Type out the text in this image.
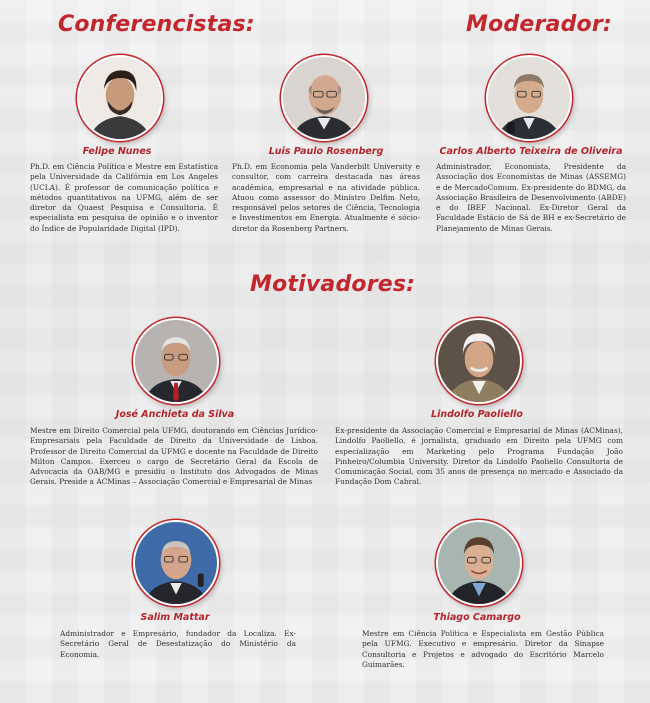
Conferencistas:	Moderador:
Motivadores:

Felipe Nunes

Ph.D. em Ciência Política e Mestre em Estatística pela Universidade da Califórnia em Los Angeles (UCLA). É professor de comunicação política e métodos quantitativos na UFMG, além de ser diretor da Quaest Pesquisa e Consultoria. É especialista em pesquisa de opinião e o inventor do Índice de Popularidade Digital (IPD).

Luis Paulo Rosenberg

Ph.D. em Economia pela Vanderbilt University e consultor, com carreira destacada nas áreas acadêmica, empresarial e na atividade pública. Atuou como assessor do Ministro Delfim Neto, responsável pelos setores de Ciência, Tecnologia e Investimentos em Energia. Atualmente é sócio-diretor da Rosenberg Partners.

Carlos Alberto Teixeira de Oliveira

Administrador, Economista, Presidente da Associação dos Economistas de Minas (ASSEMG) e de MercadoComum. Ex-presidente do BDMG, da Associação Brasileira de Desenvolvimento (ABDE) e do IBEF Nacional. Ex-Diretor Geral da Faculdade Estácio de Sá de BH e ex-Secretário de Planejamento de Minas Gerais.

José Anchieta da Silva

Mestre em Direito Comercial pela UFMG, doutorando em Ciências Jurídico-Empresariais pela Faculdade de Direito da Universidade de Lisboa. Professor de Direito Comercial da UFMG e docente na Faculdade de Direito Milton Campos. Exerceu o cargo de Secretário Geral da Escola de Advocacia da OAB/MG e presidiu o Instituto dos Advogados de Minas Gerais. Preside a ACMinas – Associação Comercial e Empresarial de Minas

Lindolfo Paoliello

Ex-presidente da Associação Comercial e Empresarial de Minas (ACMinas), Lindolfo Paoliello, é jornalista, graduado em Direito pela UFMG com especialização em Marketing pelo Programa Fundação João Pinheiro/Columbia University. Diretor da Lindolfo Paoliello Consultoria de Comunicação Social, com 35 anos de presença no mercado e Associado da Fundação Dom Cabral.

Salim Mattar

Administrador e Empresário, fundador da Localiza. Ex-Secretário Geral de Desestatização do Ministério da Economia.

Thiago Camargo

Mestre em Ciência Política e Especialista em Gestão Pública pela UFMG. Executivo e empresário. Diretor da Sinapse Consultoria e Projetos e advogado do Escritório Marcelo Guimarães.
